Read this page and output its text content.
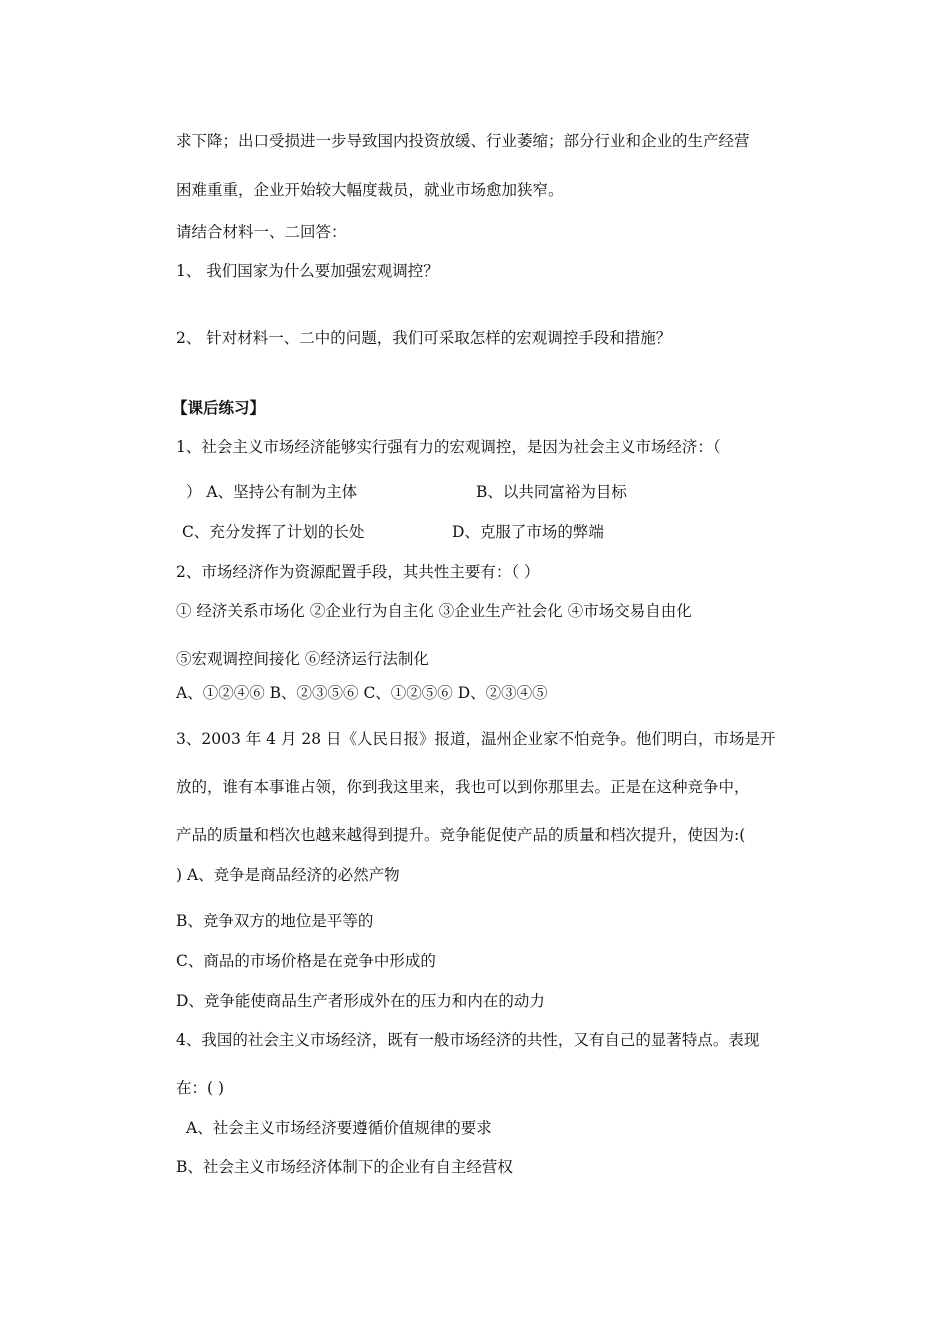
求下降；出口受损进一步导致国内投资放缓、行业萎缩；部分行业和企业的生产经营
困难重重，企业开始较大幅度裁员，就业市场愈加狭窄。
请结合材料一、二回答：
1、 我们国家为什么要加强宏观调控？
2、 针对材料一、二中的问题，我们可采取怎样的宏观调控手段和措施？
【课后练习】
1、社会主义市场经济能够实行强有力的宏观调控，是因为社会主义市场经济：（
） A、坚持公有制为主体	B、以共同富裕为目标
C、充分发挥了计划的长处	D、克服了市场的弊端
2、市场经济作为资源配置手段，其共性主要有：（ ）
① 经济关系市场化 ②企业行为自主化 ③企业生产社会化 ④市场交易自由化
⑤宏观调控间接化 ⑥经济运行法制化
A、①②④⑥ B、②③⑤⑥ C、①②⑤⑥ D、②③④⑤
3、2003 年 4 月 28 日《人民日报》报道，温州企业家不怕竞争。他们明白，市场是开
放的，谁有本事谁占领，你到我这里来，我也可以到你那里去。正是在这种竞争中，
产品的质量和档次也越来越得到提升。竞争能促使产品的质量和档次提升，使因为:(
) A、竞争是商品经济的必然产物
B、竞争双方的地位是平等的
C、商品的市场价格是在竞争中形成的
D、竞争能使商品生产者形成外在的压力和内在的动力
4、我国的社会主义市场经济，既有一般市场经济的共性，又有自己的显著特点。表现
在：( )
A、社会主义市场经济要遵循价值规律的要求
B、社会主义市场经济体制下的企业有自主经营权
